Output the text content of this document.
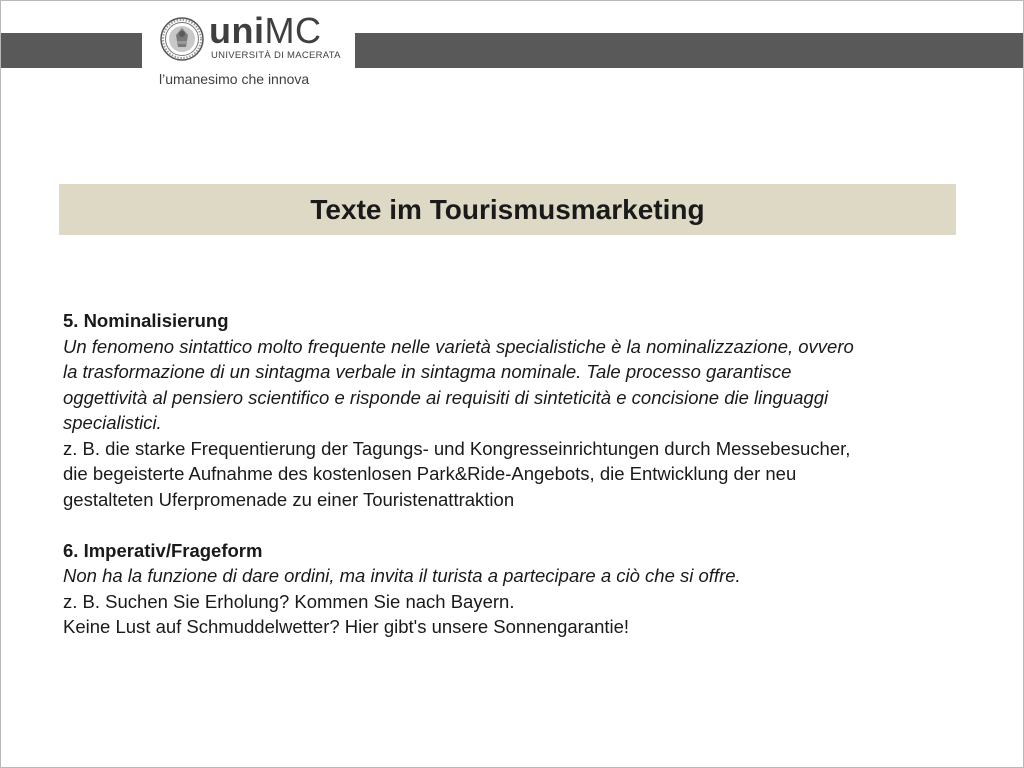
uniMC
UNIVERSITÀ DI MACERATA
l’umanesimo che innova
Texte im Tourismusmarketing
5. Nominalisierung
Un fenomeno sintattico molto frequente nelle varietà specialistiche è la nominalizzazione, ovvero
la trasformazione di un sintagma verbale in sintagma nominale. Tale processo garantisce
oggettività al pensiero scientifico e risponde ai requisiti di sinteticità e concisione die linguaggi
specialistici.
z. B. die starke Frequentierung der Tagungs- und Kongresseinrichtungen durch Messebesucher,
die begeisterte Aufnahme des kostenlosen Park&Ride-Angebots, die Entwicklung der neu
gestalteten Uferpromenade zu einer Touristenattraktion
6. Imperativ/Frageform
Non ha la funzione di dare ordini, ma invita il turista a partecipare a ciò che si offre.
z. B. Suchen Sie Erholung? Kommen Sie nach Bayern.
Keine Lust auf Schmuddelwetter? Hier gibt's unsere Sonnengarantie!
